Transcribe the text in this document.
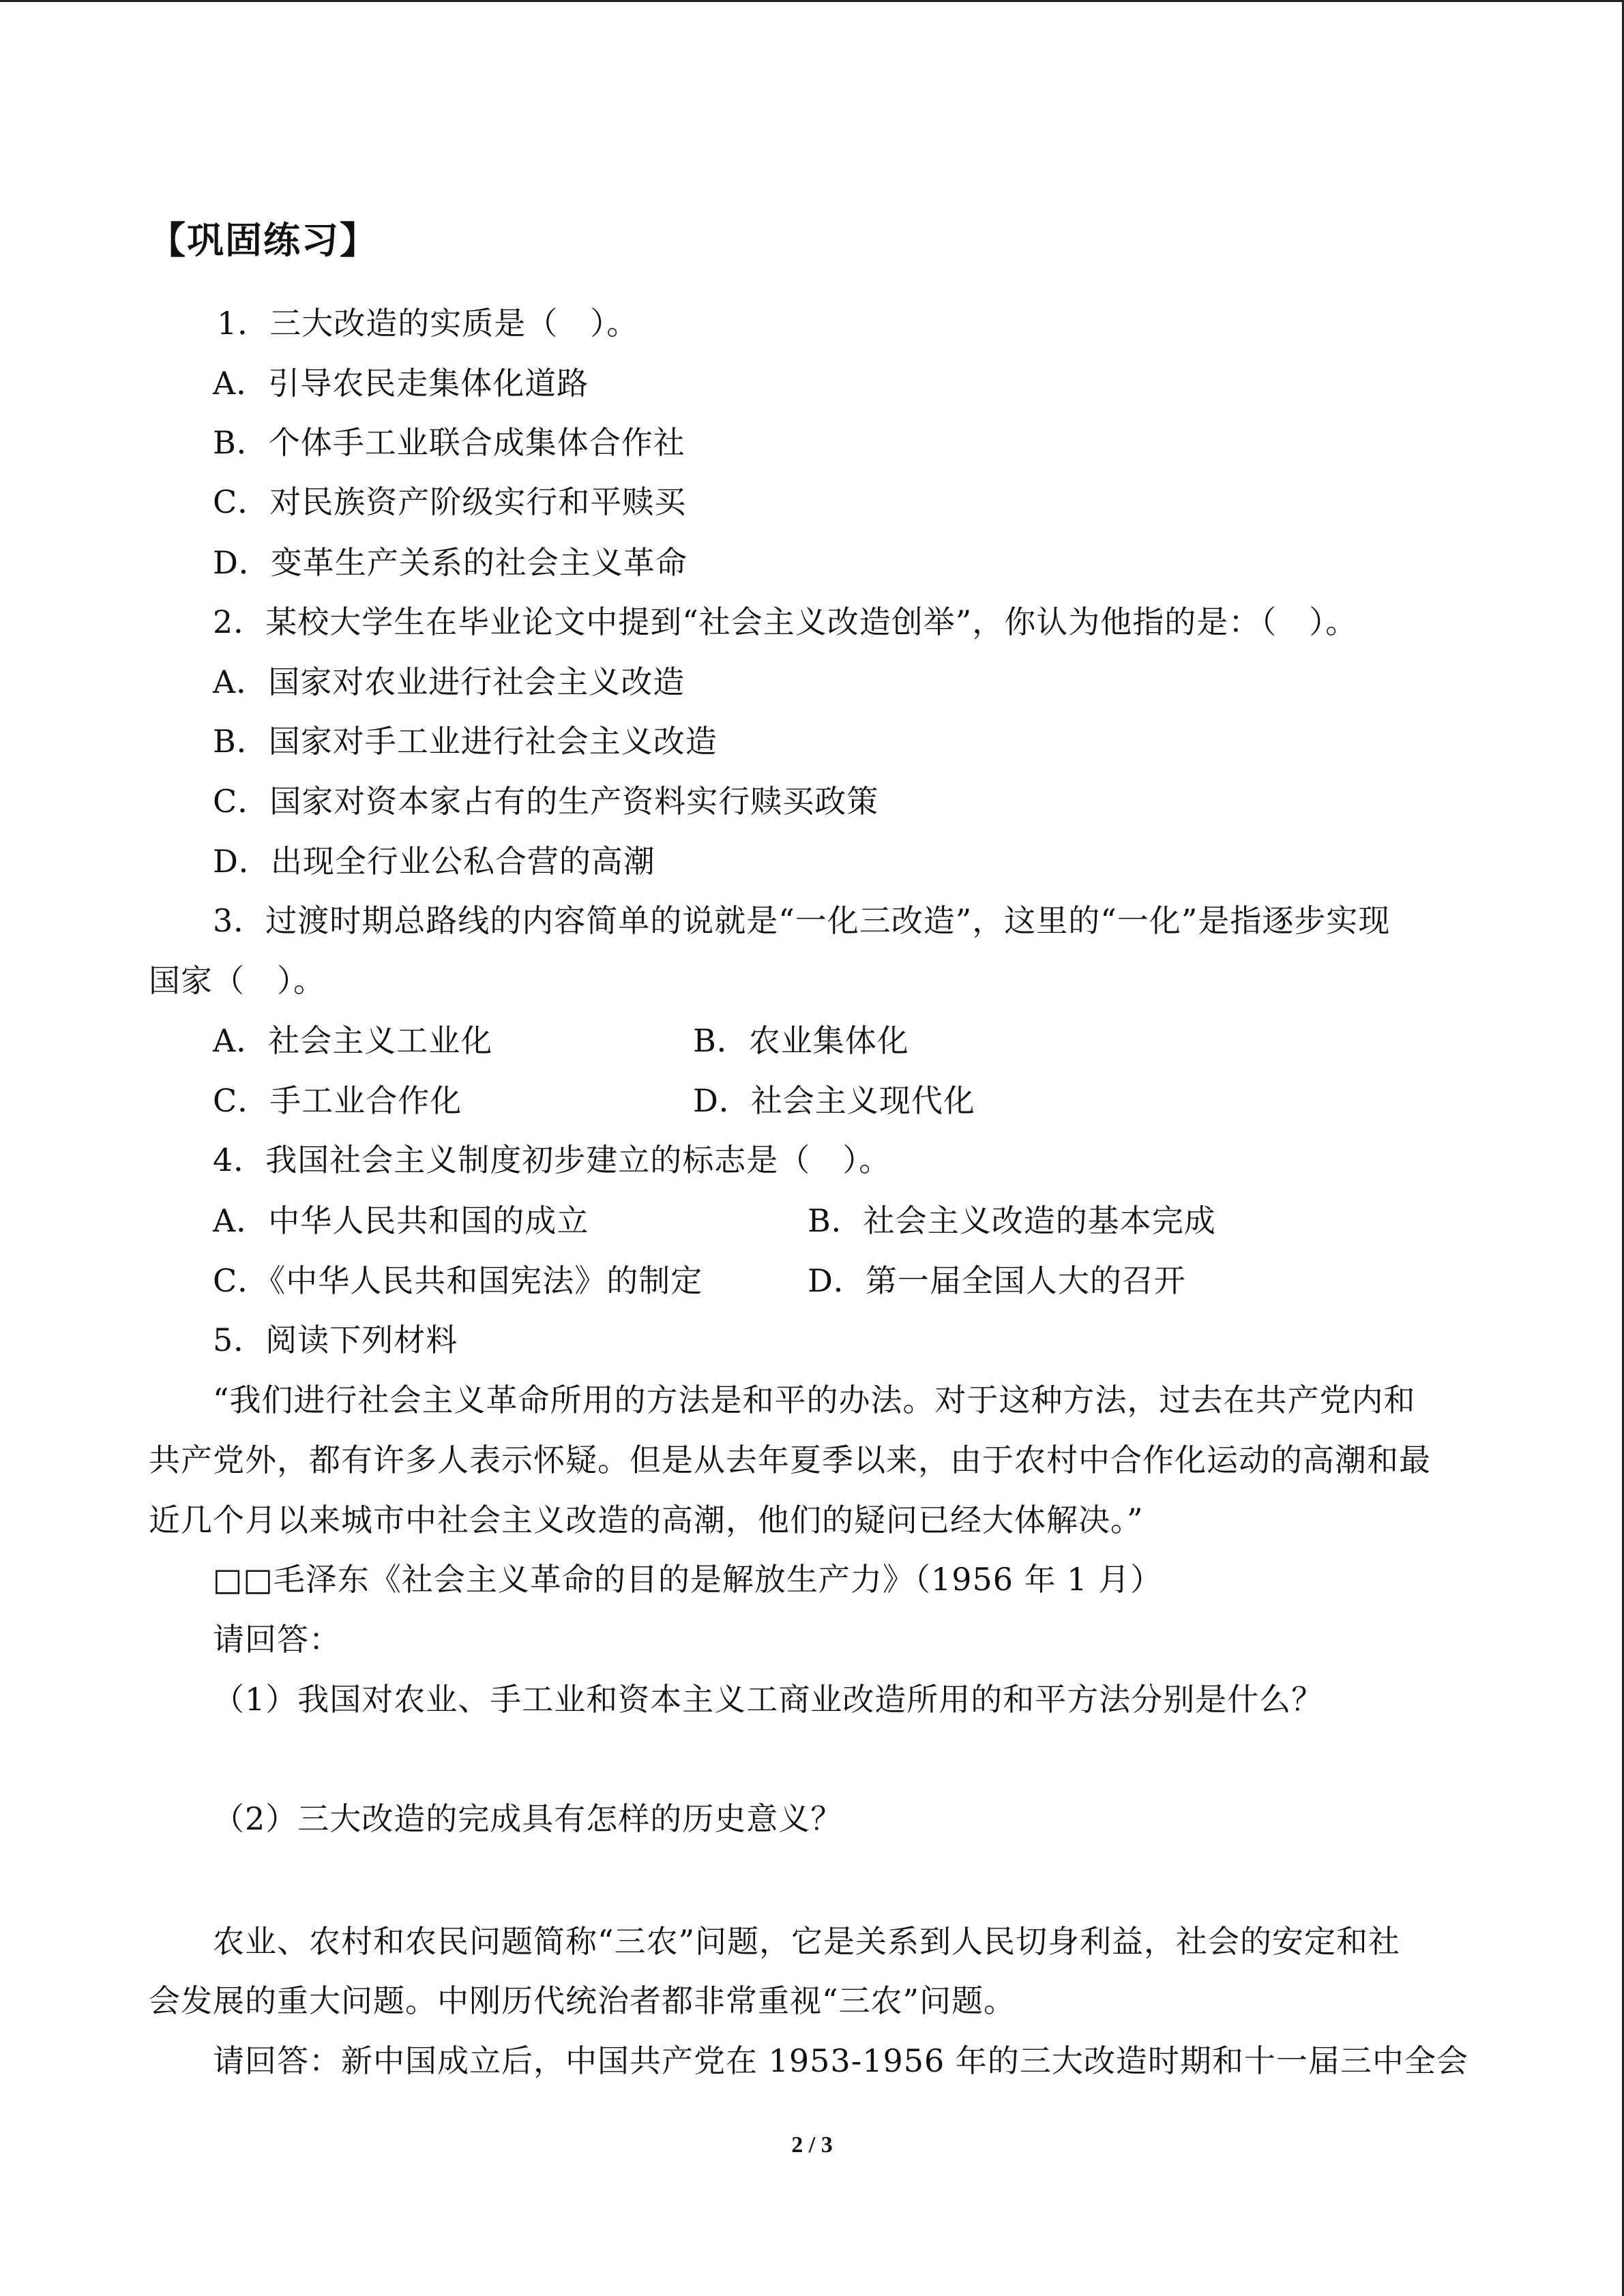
【巩固练习】
1．三大改造的实质是（　）。
A．引导农民走集体化道路
B．个体手工业联合成集体合作社
C．对民族资产阶级实行和平赎买
D．变革生产关系的社会主义革命
2．某校大学生在毕业论文中提到“社会主义改造创举”，你认为他指的是：（　）。
A．国家对农业进行社会主义改造
B．国家对手工业进行社会主义改造
C．国家对资本家占有的生产资料实行赎买政策
D．出现全行业公私合营的高潮
3．过渡时期总路线的内容简单的说就是“一化三改造”，这里的“一化”是指逐步实现
国家（　）。
A．社会主义工业化	B．农业集体化
C．手工业合作化	D．社会主义现代化
4．我国社会主义制度初步建立的标志是（　）。
A．中华人民共和国的成立	B．社会主义改造的基本完成
C．《中华人民共和国宪法》的制定	D．第一届全国人大的召开
5．阅读下列材料
“我们进行社会主义革命所用的方法是和平的办法。对于这种方法，过去在共产党内和
共产党外，都有许多人表示怀疑。但是从去年夏季以来，由于农村中合作化运动的高潮和最
近几个月以来城市中社会主义改造的高潮，他们的疑问已经大体解决。”
□□毛泽东《社会主义革命的目的是解放生产力》（1956 年 1 月）
请回答：
（1）我国对农业、手工业和资本主义工商业改造所用的和平方法分别是什么？
（2）三大改造的完成具有怎样的历史意义？
农业、农村和农民问题简称“三农”问题，它是关系到人民切身利益，社会的安定和社
会发展的重大问题。中刚历代统治者都非常重视“三农”问题。
请回答：新中国成立后，中国共产党在 1953-1956 年的三大改造时期和十一届三中全会
2 / 3
